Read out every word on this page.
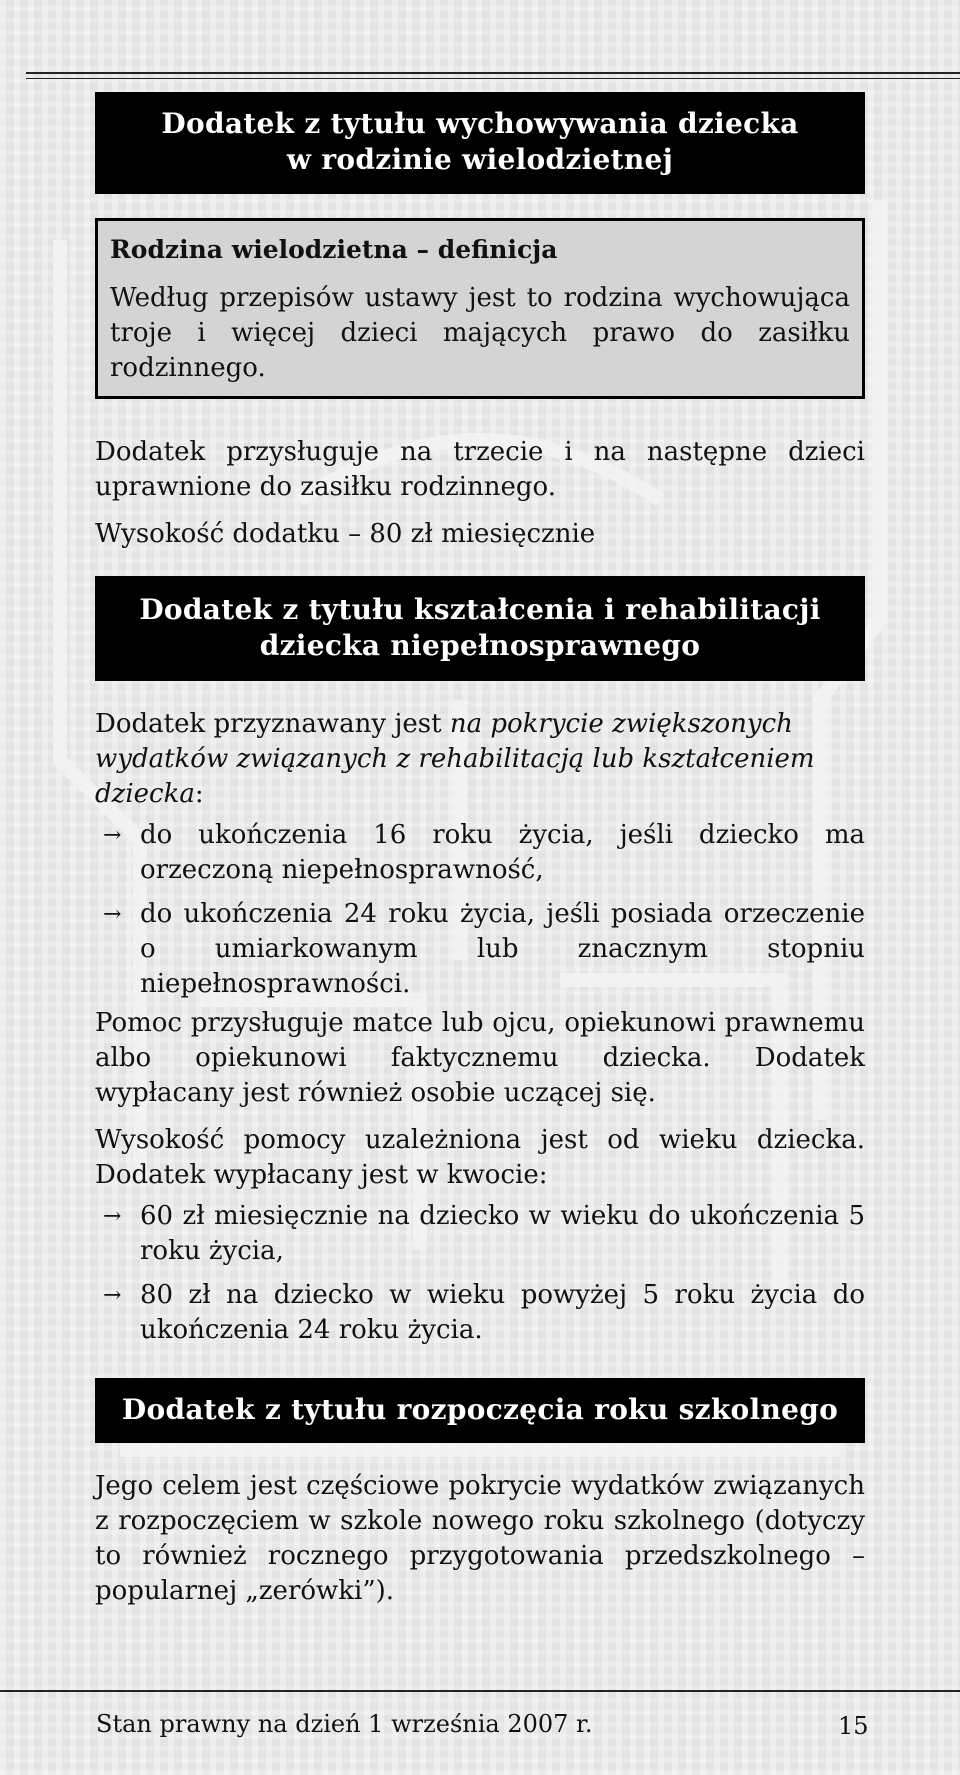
Dodatek z tytułu wychowywania dziecka
w rodzinie wielodzietnej
Rodzina wielodzietna – definicja

Według przepisów ustawy jest to rodzina wychowująca troje i więcej dzieci mających prawo do zasiłku rodzinnego.

Dodatek przysługuje na trzecie i na następne dzieci uprawnione do zasiłku rodzinnego.

Wysokość dodatku – 80 zł miesięcznie

Dodatek z tytułu kształcenia i rehabilitacji
dziecka niepełnosprawnego

Dodatek przyznawany jest na pokrycie zwiększonych wydatków związanych z rehabilitacją lub kształceniem dziecka:

→ do ukończenia 16 roku życia, jeśli dziecko ma orzeczoną niepełnosprawność,
→ do ukończenia 24 roku życia, jeśli posiada orzeczenie o umiarkowanym lub znacznym stopniu niepełnosprawności.

Pomoc przysługuje matce lub ojcu, opiekunowi prawnemu albo opiekunowi faktycznemu dziecka. Dodatek wypłacany jest również osobie uczącej się.

Wysokość pomocy uzależniona jest od wieku dziecka. Dodatek wypłacany jest w kwocie:

→ 60 zł miesięcznie na dziecko w wieku do ukończenia 5 roku życia,
→ 80 zł na dziecko w wieku powyżej 5 roku życia do ukończenia 24 roku życia.
Dodatek z tytułu rozpoczęcia roku szkolnego

Jego celem jest częściowe pokrycie wydatków związanych z rozpoczęciem w szkole nowego roku szkolnego (dotyczy to również rocznego przygotowania przedszkolnego – popularnej „zerówki”).

Stan prawny na dzień 1 września 2007 r.	15
